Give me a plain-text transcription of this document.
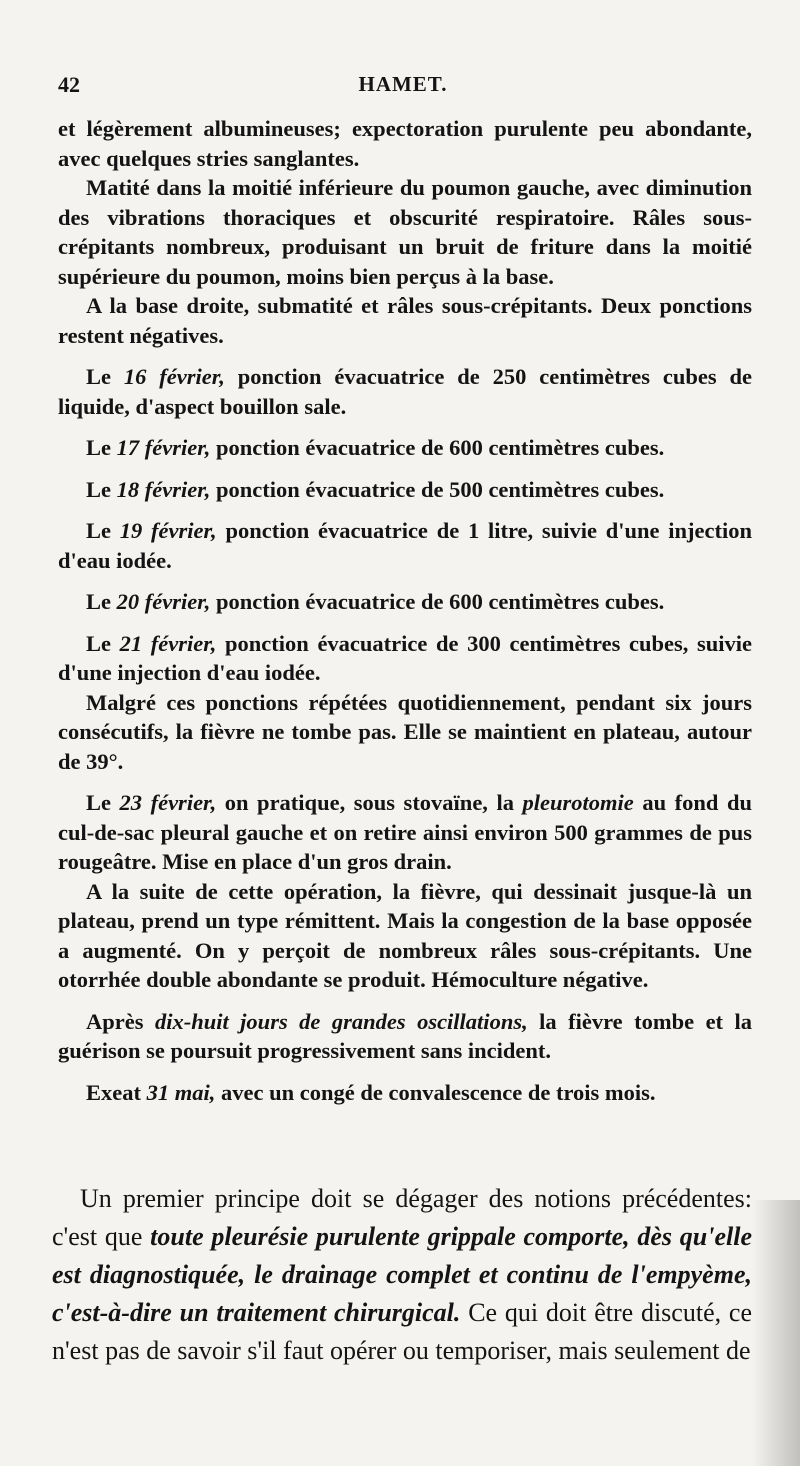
42	HAMET.

et légèrement albumineuses; expectoration purulente peu abondante, avec quelques stries sanglantes.

Matité dans la moitié inférieure du poumon gauche, avec diminution des vibrations thoraciques et obscurité respiratoire. Râles sous-crépitants nombreux, produisant un bruit de friture dans la moitié supérieure du poumon, moins bien perçus à la base.

A la base droite, submatité et râles sous-crépitants. Deux ponctions restent négatives.

Le 16 février, ponction évacuatrice de 250 centimètres cubes de liquide, d'aspect bouillon sale.

Le 17 février, ponction évacuatrice de 600 centimètres cubes.

Le 18 février, ponction évacuatrice de 500 centimètres cubes.

Le 19 février, ponction évacuatrice de 1 litre, suivie d'une injection d'eau iodée.

Le 20 février, ponction évacuatrice de 600 centimètres cubes.

Le 21 février, ponction évacuatrice de 300 centimètres cubes, suivie d'une injection d'eau iodée.

Malgré ces ponctions répétées quotidiennement, pendant six jours consécutifs, la fièvre ne tombe pas. Elle se maintient en plateau, autour de 39°.

Le 23 février, on pratique, sous stovaïne, la pleurotomie au fond du cul-de-sac pleural gauche et on retire ainsi environ 500 grammes de pus rougeâtre. Mise en place d'un gros drain.

A la suite de cette opération, la fièvre, qui dessinait jusque-là un plateau, prend un type rémittent. Mais la congestion de la base opposée a augmenté. On y perçoit de nombreux râles sous-crépitants. Une otorrhée double abondante se produit. Hémoculture négative.

Après dix-huit jours de grandes oscillations, la fièvre tombe et la guérison se poursuit progressivement sans incident.

Exeat 31 mai, avec un congé de convalescence de trois mois.

Un premier principe doit se dégager des notions précédentes: c'est que toute pleurésie purulente grippale comporte, dès qu'elle est diagnostiquée, le drainage complet et continu de l'empyème, c'est-à-dire un traitement chirurgical. Ce qui doit être discuté, ce n'est pas de savoir s'il faut opérer ou temporiser, mais seulement de
